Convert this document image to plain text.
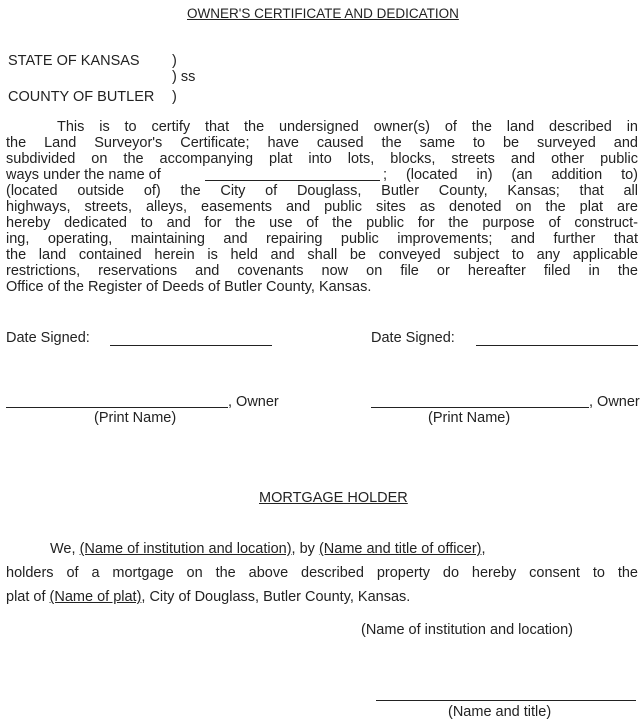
OWNER'S CERTIFICATE AND DEDICATION
STATE OF KANSAS )
) ss
COUNTY OF BUTLER )
This is to certify that the undersigned owner(s) of the land described in
the Land Surveyor's Certificate; have caused the same to be surveyed and
subdivided on the accompanying plat into lots, blocks, streets and other public
ways under the name of	; (located in) (an addition to)
(located outside of) the City of Douglass, Butler County, Kansas; that all
highways, streets, alleys, easements and public sites as denoted on the plat are
hereby dedicated to and for the use of the public for the purpose of construct-
ing, operating, maintaining and repairing public improvements; and further that
the land contained herein is held and shall be conveyed subject to any applicable
restrictions, reservations and covenants now on file or hereafter filed in the
Office of the Register of Deeds of Butler County, Kansas.
Date Signed:	Date Signed:
, Owner
(Print Name)
, Owner
(Print Name)
MORTGAGE HOLDER
We, (Name of institution and location), by (Name and title of officer),
holders of a mortgage on the above described property do hereby consent to the
plat of (Name of plat), City of Douglass, Butler County, Kansas.
(Name of institution and location)
(Name and title)
